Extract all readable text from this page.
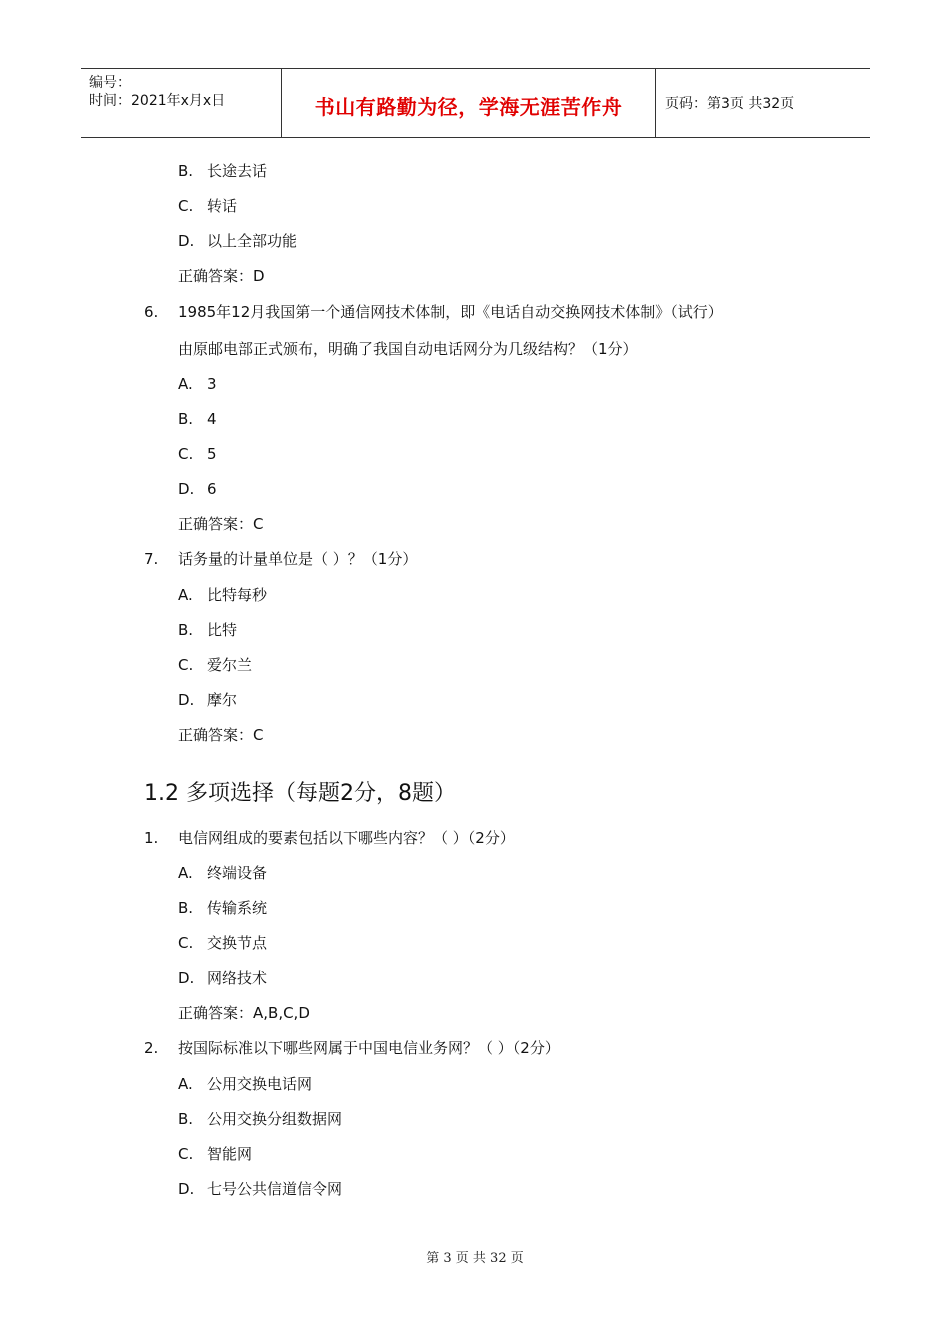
编号：
时间：2021年x月x日	书山有路勤为径，学海无涯苦作舟	页码：第3页 共32页
B. 长途去话
C. 转话
D. 以上全部功能
正确答案：D
6. 1985年12月我国第一个通信网技术体制，即《电话自动交换网技术体制》（试行）
由原邮电部正式颁布，明确了我国自动电话网分为几级结构？（1分）
A. 3
B. 4
C. 5
D. 6
正确答案：C
7. 话务量的计量单位是（ ）？（1分）
A. 比特每秒
B. 比特
C. 爱尔兰
D. 摩尔
正确答案：C
1.2 多项选择（每题2分，8题）
1. 电信网组成的要素包括以下哪些内容？（ ）（2分）
A. 终端设备
B. 传输系统
C. 交换节点
D. 网络技术
正确答案：A,B,C,D
2. 按国际标准以下哪些网属于中国电信业务网？（ ）（2分）
A. 公用交换电话网
B. 公用交换分组数据网
C. 智能网
D. 七号公共信道信令网
第 3 页 共 32 页
